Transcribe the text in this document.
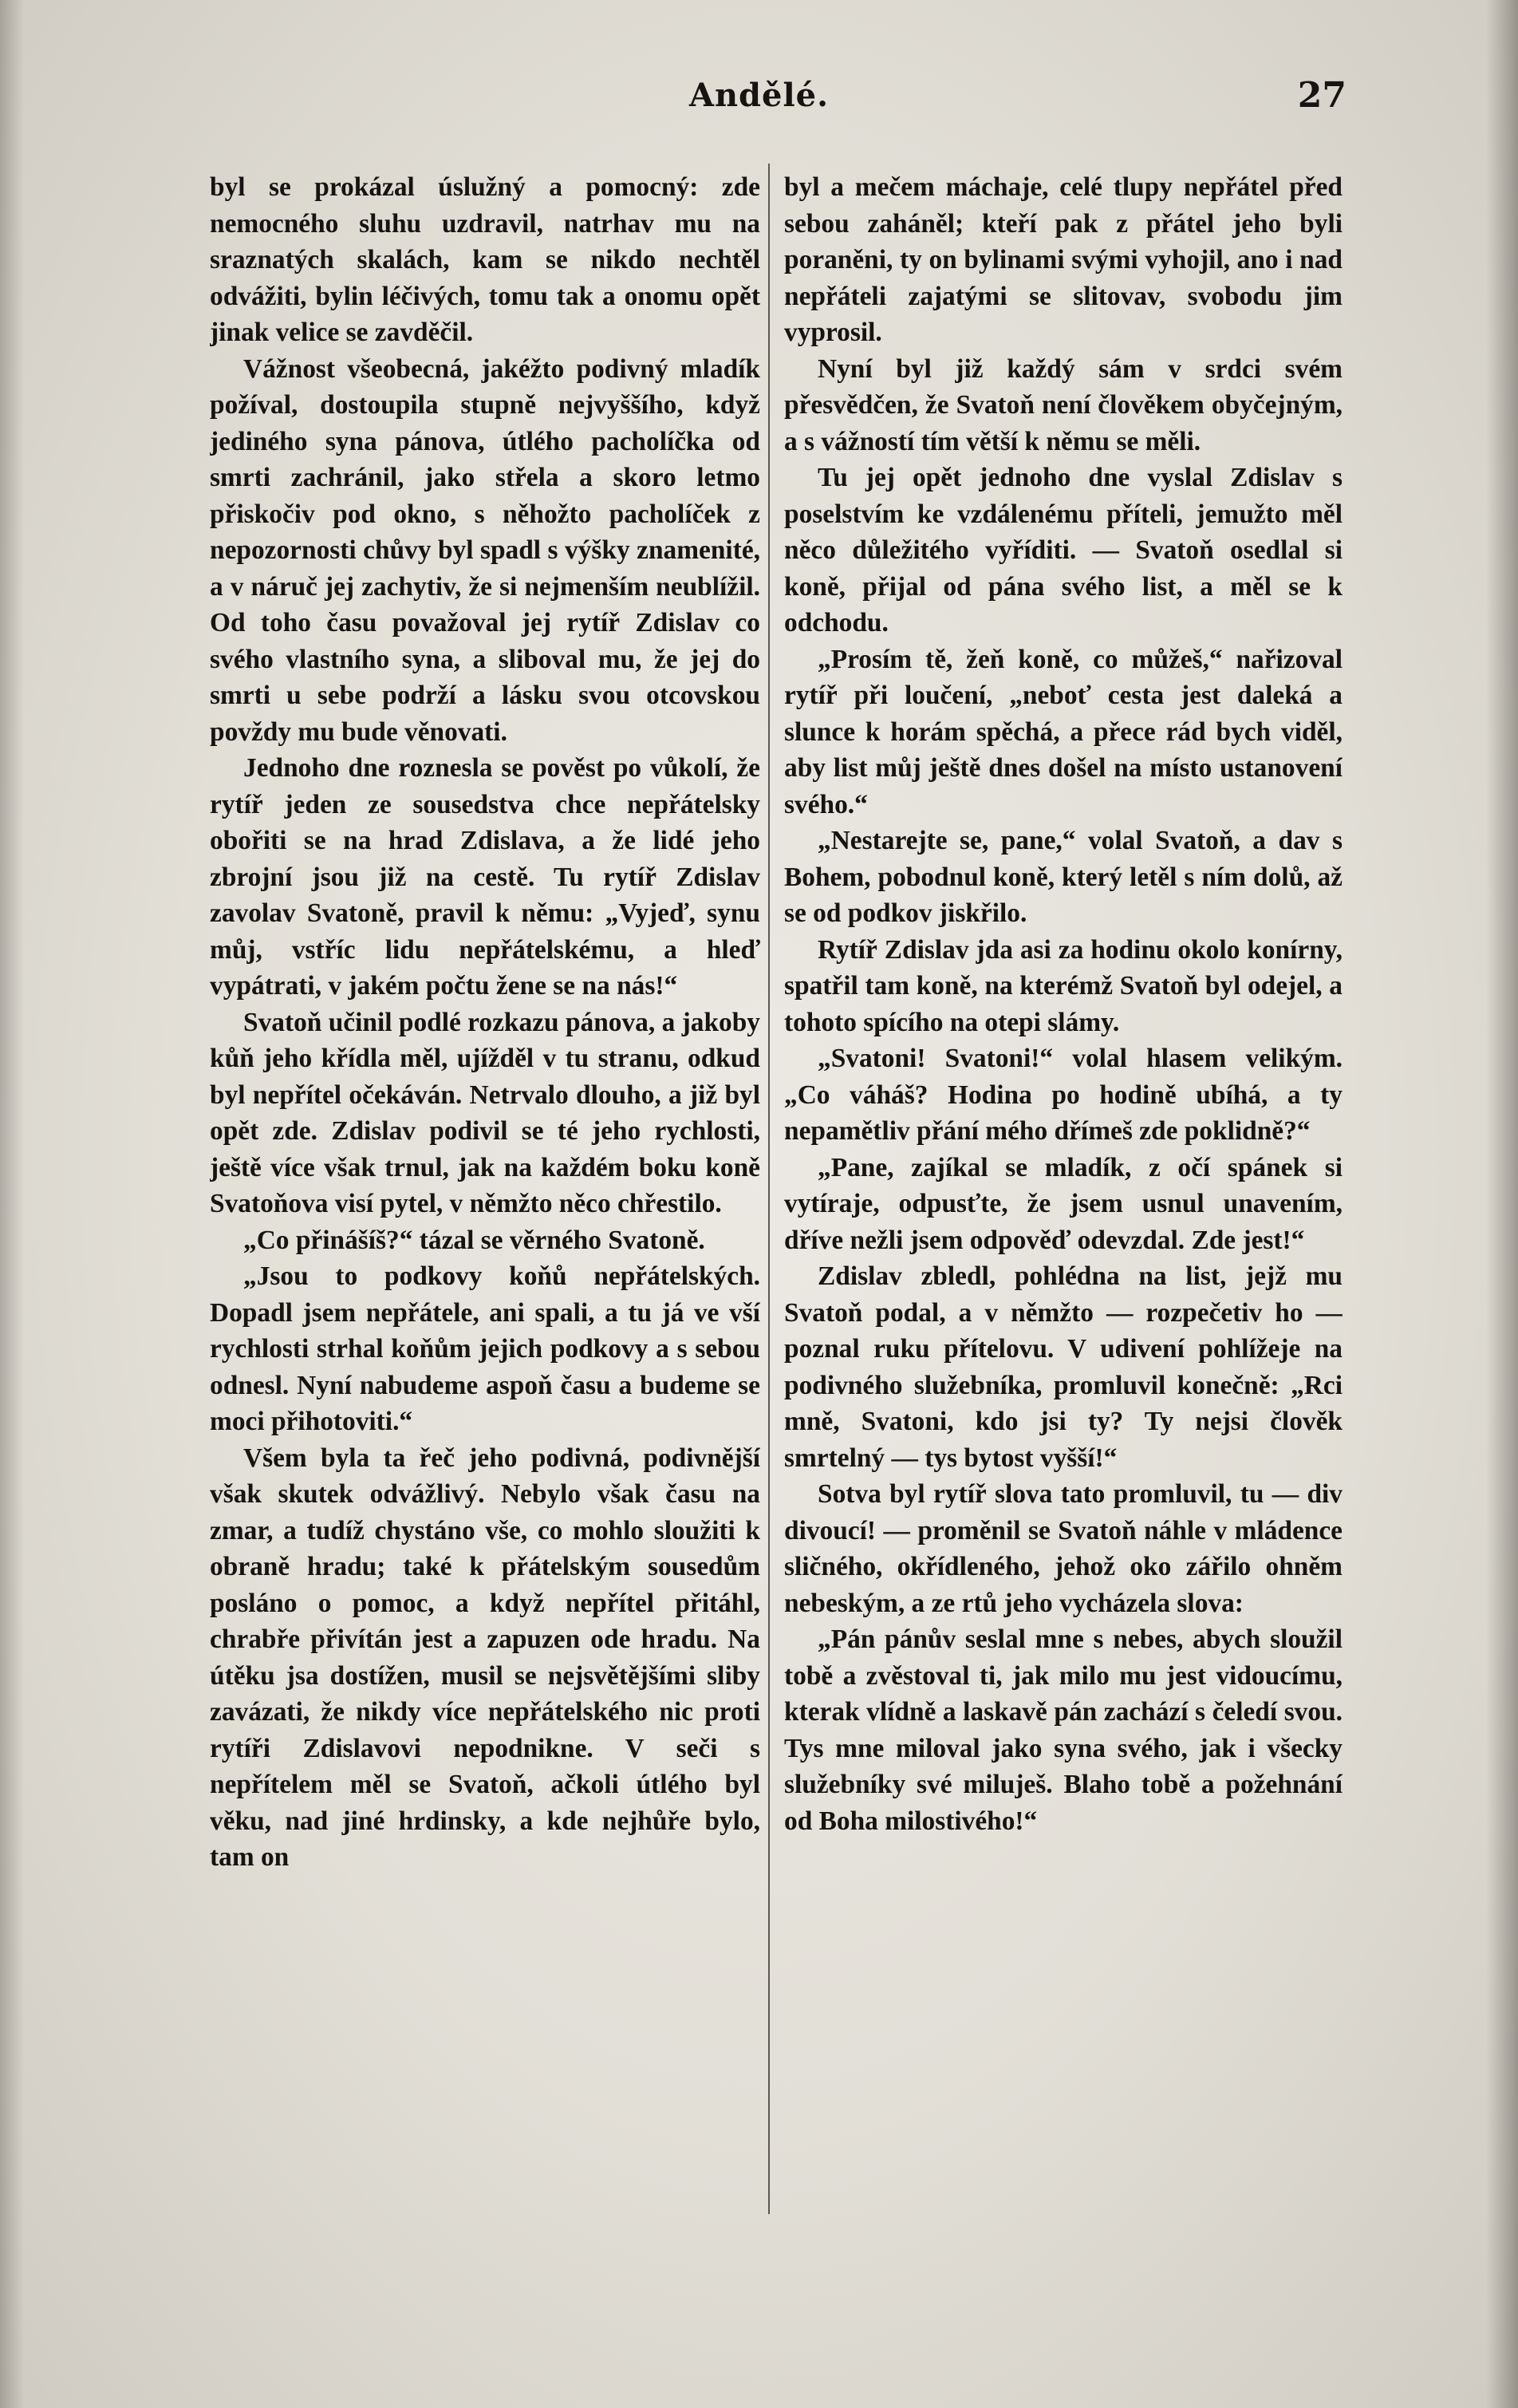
Andělé.	27

byl se prokázal úslužný a pomocný: zde nemocného sluhu uzdravil, natrhav mu na sraznatých skalách, kam se nikdo nechtěl odvážiti, bylin léčivých, tomu tak a onomu opět jinak velice se zavděčil.

Vážnost všeobecná, jakéžto podivný mladík požíval, dostoupila stupně nejvyššího, když jediného syna pánova, útlého pacholíčka od smrti zachránil, jako střela a skoro letmo přiskočiv pod okno, s něhožto pacholíček z nepozornosti chůvy byl spadl s výšky znamenité, a v náruč jej zachytiv, že si nejmenším neublížil. Od toho času považoval jej rytíř Zdislav co svého vlastního syna, a sliboval mu, že jej do smrti u sebe podrží a lásku svou otcovskou povždy mu bude věnovati.

Jednoho dne roznesla se pověst po vůkolí, že rytíř jeden ze sousedstva chce nepřátelsky obořiti se na hrad Zdislava, a že lidé jeho zbrojní jsou již na cestě. Tu rytíř Zdislav zavolav Svatoně, pravil k němu: „Vyjeď, synu můj, vstříc lidu nepřátelskému, a hleď vypátrati, v jakém počtu žene se na nás!“

Svatoň učinil podlé rozkazu pánova, a jakoby kůň jeho křídla měl, ujížděl v tu stranu, odkud byl nepřítel očekáván. Netrvalo dlouho, a již byl opět zde. Zdislav podivil se té jeho rychlosti, ještě více však trnul, jak na každém boku koně Svatoňova visí pytel, v němžto něco chřestilo.

„Co přinášíš?“ tázal se věrného Svatoně.

„Jsou to podkovy koňů nepřátelských. Dopadl jsem nepřátele, ani spali, a tu já ve vší rychlosti strhal koňům jejich podkovy a s sebou odnesl. Nyní nabudeme aspoň času a budeme se moci přihotoviti.“

Všem byla ta řeč jeho podivná, podivnější však skutek odvážlivý. Nebylo však času na zmar, a tudíž chystáno vše, co mohlo sloužiti k obraně hradu; také k přátelským sousedům posláno o pomoc, a když nepřítel přitáhl, chrabře přivítán jest a zapuzen ode hradu. Na útěku jsa dostížen, musil se nejsvětějšími sliby zavázati, že nikdy více nepřátelského nic proti rytíři Zdislavovi nepodnikne. V seči s nepřítelem měl se Svatoň, ačkoli útlého byl věku, nad jiné hrdinsky, a kde nejhůře bylo, tam on

byl a mečem máchaje, celé tlupy nepřátel před sebou zaháněl; kteří pak z přátel jeho byli poraněni, ty on bylinami svými vyhojil, ano i nad nepřáteli zajatými se slitovav, svobodu jim vyprosil.

Nyní byl již každý sám v srdci svém přesvědčen, že Svatoň není člověkem obyčejným, a s vážností tím větší k němu se měli.

Tu jej opět jednoho dne vyslal Zdislav s poselstvím ke vzdálenému příteli, jemužto měl něco důležitého vyříditi. — Svatoň osedlal si koně, přijal od pána svého list, a měl se k odchodu.

„Prosím tě, žeň koně, co můžeš,“ nařizoval rytíř při loučení, „neboť cesta jest daleká a slunce k horám spěchá, a přece rád bych viděl, aby list můj ještě dnes došel na místo ustanovení svého.“

„Nestarejte se, pane,“ volal Svatoň, a dav s Bohem, pobodnul koně, který letěl s ním dolů, až se od podkov jiskřilo.

Rytíř Zdislav jda asi za hodinu okolo konírny, spatřil tam koně, na kterémž Svatoň byl odejel, a tohoto spícího na otepi slámy.

„Svatoni! Svatoni!“ volal hlasem velikým. „Co váháš? Hodina po hodině ubíhá, a ty nepamětliv přání mého dřímeš zde poklidně?“

„Pane, zajíkal se mladík, z očí spánek si vytíraje, odpusťte, že jsem usnul unavením, dříve nežli jsem odpověď odevzdal. Zde jest!“

Zdislav zbledl, pohlédna na list, jejž mu Svatoň podal, a v němžto — rozpečetiv ho — poznal ruku přítelovu. V udivení pohlížeje na podivného služebníka, promluvil konečně: „Rci mně, Svatoni, kdo jsi ty? Ty nejsi člověk smrtelný — tys bytost vyšší!“

Sotva byl rytíř slova tato promluvil, tu — div divoucí! — proměnil se Svatoň náhle v mládence sličného, okřídleného, jehož oko zářilo ohněm nebeským, a ze rtů jeho vycházela slova:

„Pán pánův seslal mne s nebes, abych sloužil tobě a zvěstoval ti, jak milo mu jest vidoucímu, kterak vlídně a laskavě pán zachází s čeledí svou. Tys mne miloval jako syna svého, jak i všecky služebníky své miluješ. Blaho tobě a požehnání od Boha milostivého!“
